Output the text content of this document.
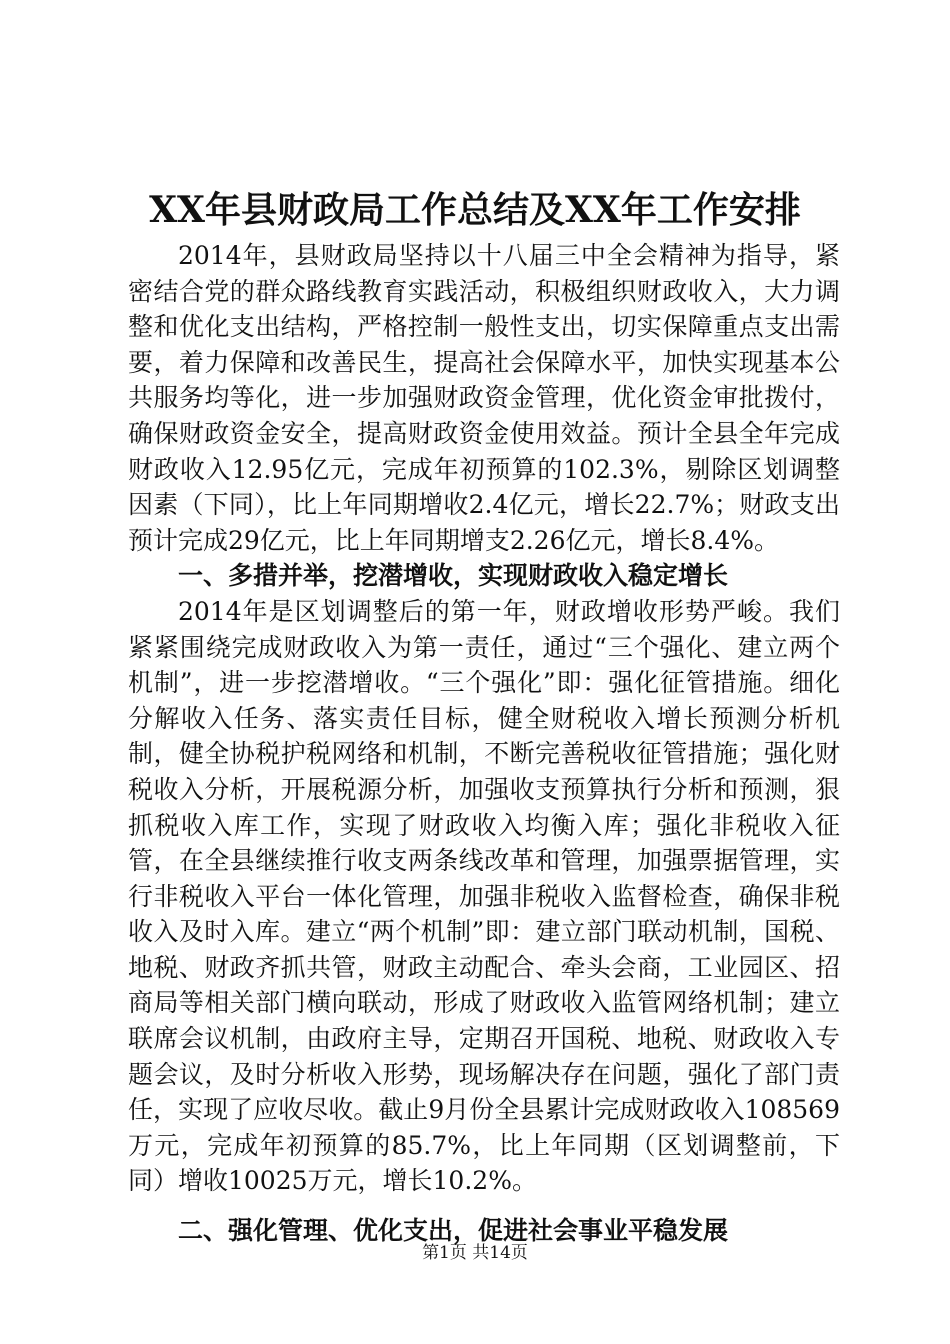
XX年县财政局工作总结及XX年工作安排

2014年，县财政局坚持以十八届三中全会精神为指导，紧密结合党的群众路线教育实践活动，积极组织财政收入，大力调整和优化支出结构，严格控制一般性支出，切实保障重点支出需要，着力保障和改善民生，提高社会保障水平，加快实现基本公共服务均等化，进一步加强财政资金管理，优化资金审批拨付，确保财政资金安全，提高财政资金使用效益。预计全县全年完成财政收入12.95亿元，完成年初预算的102.3%，剔除区划调整因素（下同），比上年同期增收2.4亿元，增长22.7%；财政支出预计完成29亿元，比上年同期增支2.26亿元，增长8.4%。

一、多措并举，挖潜增收，实现财政收入稳定增长

2014年是区划调整后的第一年，财政增收形势严峻。我们紧紧围绕完成财政收入为第一责任，通过“三个强化、建立两个机制”，进一步挖潜增收。“三个强化”即：强化征管措施。细化分解收入任务、落实责任目标，健全财税收入增长预测分析机制，健全协税护税网络和机制，不断完善税收征管措施；强化财税收入分析，开展税源分析，加强收支预算执行分析和预测，狠抓税收入库工作，实现了财政收入均衡入库；强化非税收入征管，在全县继续推行收支两条线改革和管理，加强票据管理，实行非税收入平台一体化管理，加强非税收入监督检查，确保非税收入及时入库。建立“两个机制”即：建立部门联动机制，国税、地税、财政齐抓共管，财政主动配合、牵头会商，工业园区、招商局等相关部门横向联动，形成了财政收入监管网络机制；建立联席会议机制，由政府主导，定期召开国税、地税、财政收入专题会议，及时分析收入形势，现场解决存在问题，强化了部门责任，实现了应收尽收。截止9月份全县累计完成财政收入108569万元，完成年初预算的85.7%，比上年同期（区划调整前，下同）增收10025万元，增长10.2%。

二、强化管理、优化支出，促进社会事业平稳发展

第1页 共14页
